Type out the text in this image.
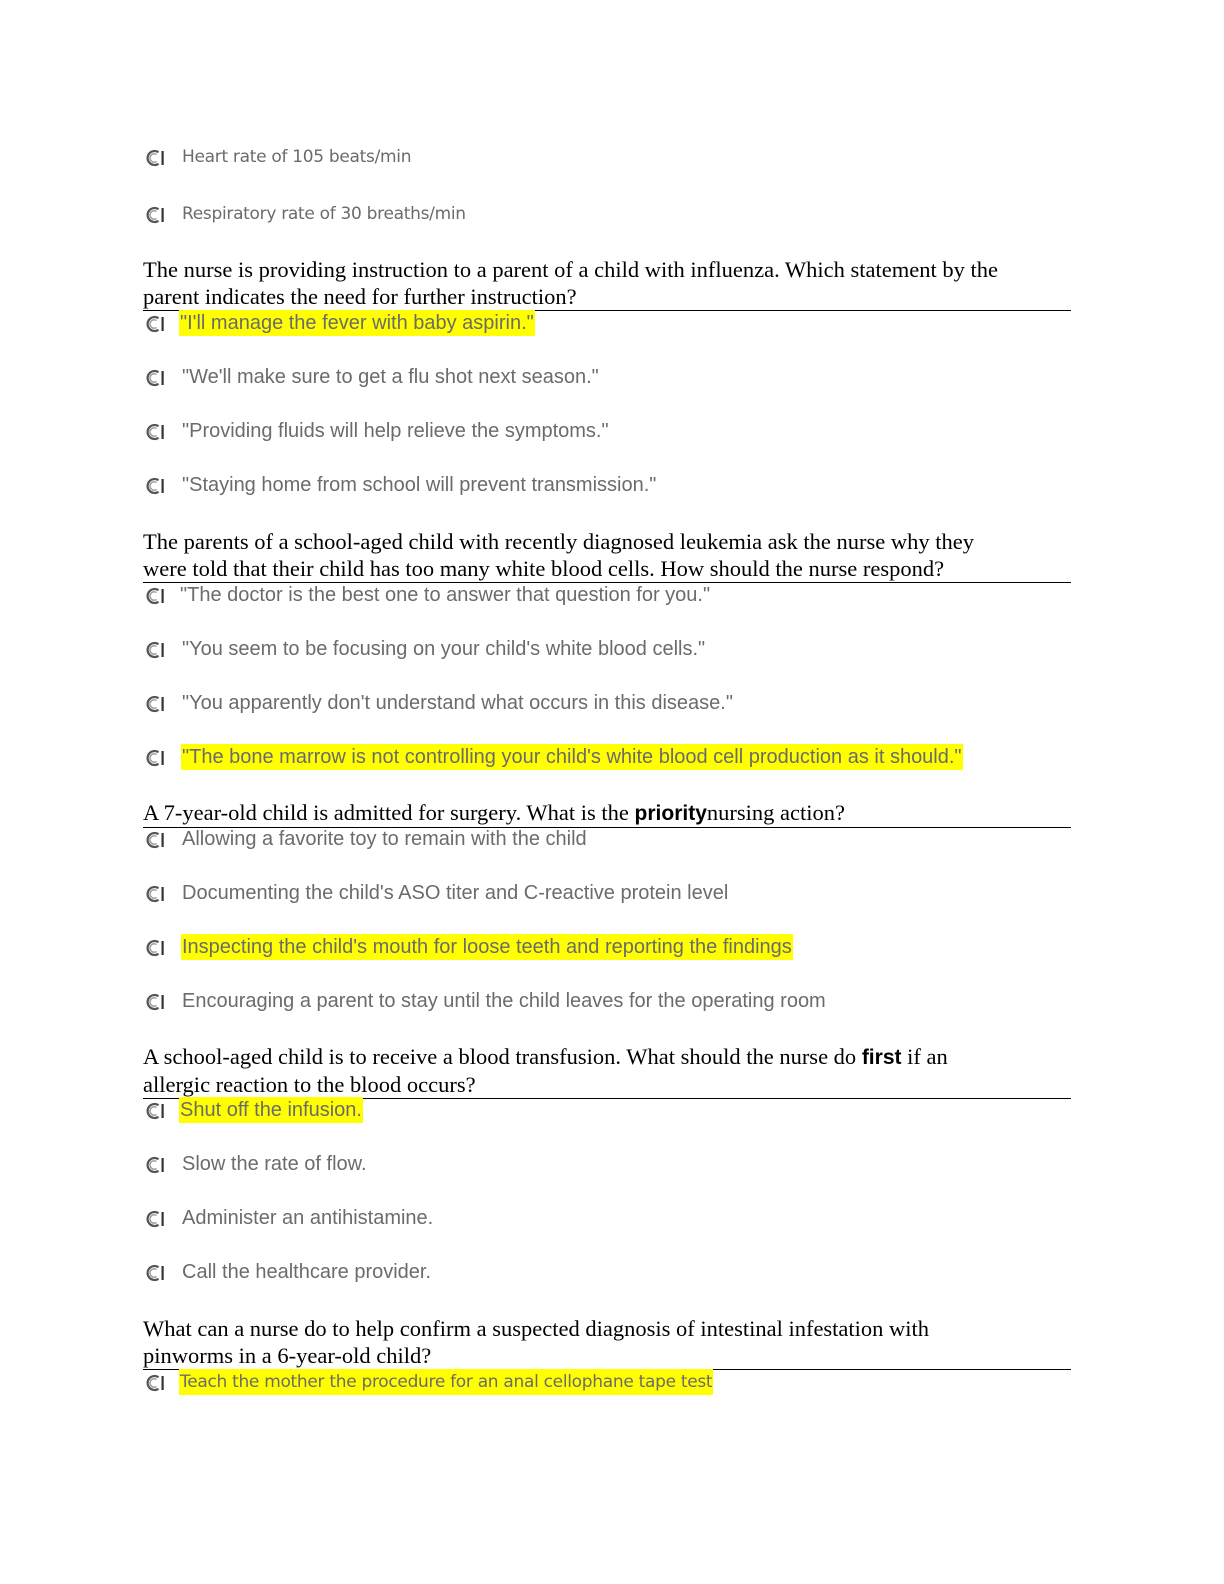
Heart rate of 105 beats/min
Respiratory rate of 30 breaths/min
The nurse is providing instruction to a parent of a child with influenza. Which statement by the
parent indicates the need for further instruction?
"I'll manage the fever with baby aspirin."
"We'll make sure to get a flu shot next season."
"Providing fluids will help relieve the symptoms."
"Staying home from school will prevent transmission."
The parents of a school-aged child with recently diagnosed leukemia ask the nurse why they
were told that their child has too many white blood cells. How should the nurse respond?
"The doctor is the best one to answer that question for you."
"You seem to be focusing on your child's white blood cells."
"You apparently don't understand what occurs in this disease."
"The bone marrow is not controlling your child's white blood cell production as it should."
A 7-year-old child is admitted for surgery. What is the prioritynursing action?
Allowing a favorite toy to remain with the child
Documenting the child's ASO titer and C-reactive protein level
Inspecting the child's mouth for loose teeth and reporting the findings
Encouraging a parent to stay until the child leaves for the operating room
A school-aged child is to receive a blood transfusion. What should the nurse do first if an
allergic reaction to the blood occurs?
Shut off the infusion.
Slow the rate of flow.
Administer an antihistamine.
Call the healthcare provider.
What can a nurse do to help confirm a suspected diagnosis of intestinal infestation with
pinworms in a 6-year-old child?
Teach the mother the procedure for an anal cellophane tape test
